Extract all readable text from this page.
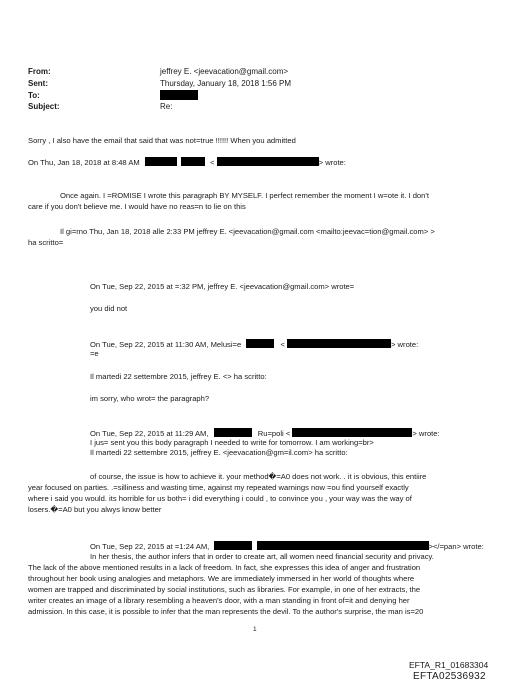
From:	jeffrey E. <jeevacation@gmail.com>
Sent:	Thursday, January 18, 2018 1:56 PM
To:
Subject:	Re:
Sorry , I also have the email that said that was not=true !!!!!! When you admitted
On Thu, Jan 18, 2018 at 8:48 AM	<	> wrote:
Once again. I =ROMISE I wrote this paragraph BY MYSELF. I perfect remember the moment I w=ote it. I don't
care if you don't believe me. I would have no reas=n to lie on this
Il gi=rno Thu, Jan 18, 2018 alle 2:33 PM jeffrey E. <jeevacation@gmail.com <mailto:jeevac=tion@gmail.com> >
ha scritto=
On Tue, Sep 22, 2015 at =:32 PM, jeffrey E. <jeevacation@gmail.com> wrote=
you did not
On Tue, Sep 22, 2015 at 11:30 AM, Melusi=e	<	> wrote:
=e
Il martedi 22 settembre 2015, jeffrey E. <> ha scritto:
im sorry, who wrot= the paragraph?
On Tue, Sep 22, 2015 at 11:29 AM,	Ru=poli <	> wrote:
I jus= sent you this body paragraph I needed to write for tomorrow. I am working=br>
Il martedi 22 settembre 2015, jeffrey E. <jeevacation@gm=il.com> ha scritto:
of course, the issue is how to achieve it. your method�=A0 does not work. . it is obvious, this entiire
year focused on parties. .=silliness and wasting time, against my repeated warnings now =ou find yourself exactly
where i said you would. its horrible for us both= i did everything i could , to convince you , your way was the way of
losers.�=A0 but you alwys know better
On Tue, Sep 22, 2015 at =1:24 AM,	></=pan> wrote:
In her thesis, the author infers that in order to create art, all women need financial security and privacy.
The lack of the above mentioned results in a lack of freedom. In fact, she expresses this idea of anger and frustration
throughout her book using analogies and metaphors. We are immediately immersed in her world of thoughts where
women are trapped and discriminated by social institutions, such as libraries. For example, in one of her extracts, the
writer creates an image of a library resembling a heaven's door, with a man standing in front of=it and denying her
admission. In this case, it is possible to infer that the man represents the devil. To the author's surprise, the man is=20
1
EFTA_R1_01683304
EFTA02536932
